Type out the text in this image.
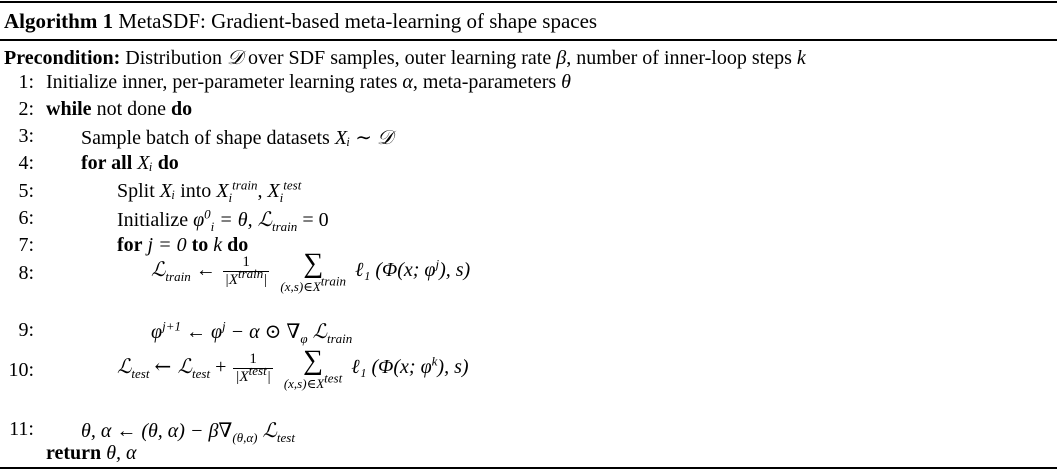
Algorithm 1 MetaSDF: Gradient-based meta-learning of shape spaces
Precondition: Distribution 𝒟 over SDF samples, outer learning rate β, number of inner-loop steps k
1: Initialize inner, per-parameter learning rates α, meta-parameters θ
2: while not done do
3: Sample batch of shape datasets Xᵢ ∼ 𝒟
4: for all Xᵢ do
5:	Split Xᵢ into $X_i^{train}$, $X_i^{test}$
6:	Initialize $\varphi^0_i = \theta$, ℒ$_{train}$ = 0
7:	for j = 0 to k do
8:	ℒ$_{train}$ ←	1
$|X^{train}|$

∑
$(x,s)\in X^{train}$
ℓ₁ (Φ(x; $\varphi^j$), s)
9:	$\varphi^{j+1}$ ← $\varphi^j - \alpha$ ⊙ $\nabla_\varphi$ ℒ$_{train}$
10:	ℒ$_{test}$ ← ℒ$_{test}$ +	1
$|X^{test}|$

∑
$(x,s)\in X^{test}$
ℓ₁ (Φ(x; $\varphi^k$), s)
11: θ, α ← (θ, $\alpha) - \beta\nabla_{(\theta,\alpha)}$ ℒ$_{test}$
return θ, α
